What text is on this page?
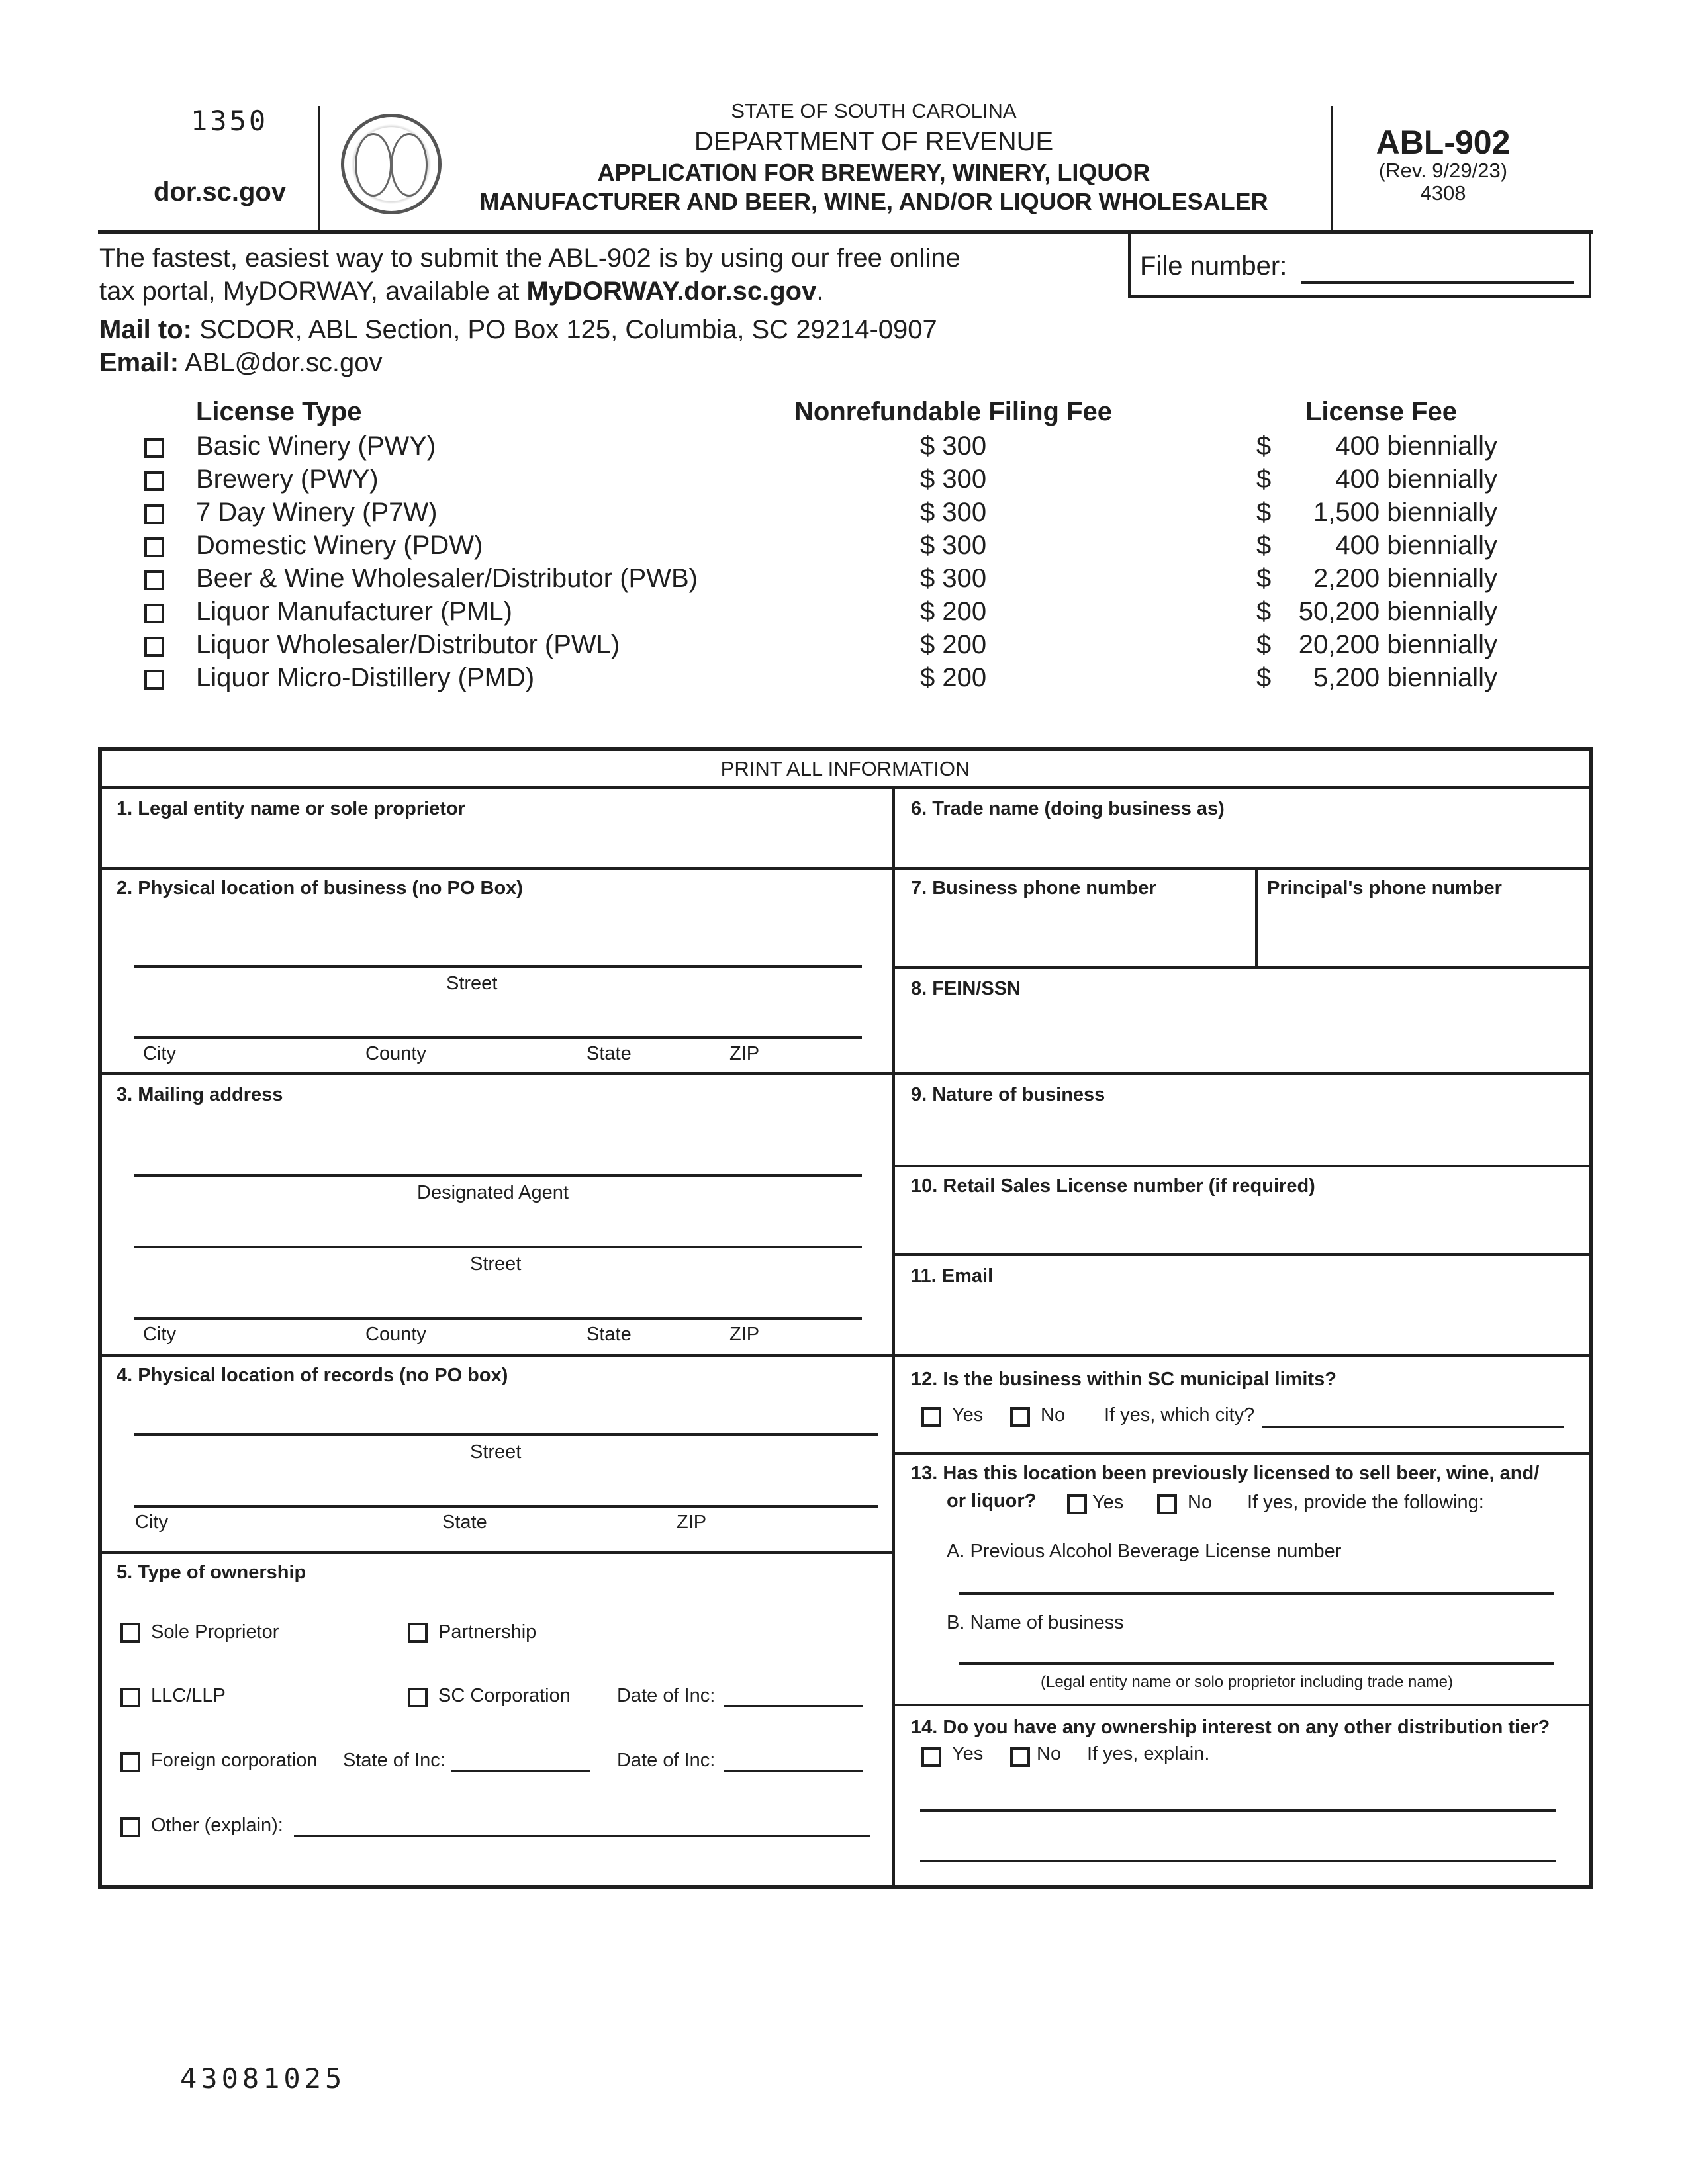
1350
dor.sc.gov
STATE OF SOUTH CAROLINA
DEPARTMENT OF REVENUE
APPLICATION FOR BREWERY, WINERY, LIQUOR
MANUFACTURER AND BEER, WINE, AND/OR LIQUOR WHOLESALER
ABL-902
(Rev. 9/29/23)
4308
File number:
The fastest, easiest way to submit the ABL-902 is by using our free online
tax portal, MyDORWAY, available at MyDORWAY.dor.sc.gov.
Mail to: SCDOR, ABL Section, PO Box 125, Columbia, SC 29214-0907
Email: ABL@dor.sc.gov
License Type	Nonrefundable Filing Fee	License Fee
Basic Winery (PWY)	$ 300	$	400 biennially
Brewery (PWY)	$ 300	$	400 biennially
7 Day Winery (P7W)	$ 300	$	1,500 biennially
Domestic Winery (PDW)	$ 300	$	400 biennially
Beer & Wine Wholesaler/Distributor (PWB)	$ 300	$	2,200 biennially
Liquor Manufacturer (PML)	$ 200	$	50,200 biennially
Liquor Wholesaler/Distributor (PWL)	$ 200	$	20,200 biennially
Liquor Micro-Distillery (PMD)	$ 200	$	5,200 biennially
PRINT ALL INFORMATION
1. Legal entity name or sole proprietor
2. Physical location of business (no PO Box)
Street
City	County	State	ZIP
3. Mailing address
Designated Agent
Street
City	County	State	ZIP
4. Physical location of records (no PO box)
Street
City	State	ZIP
5. Type of ownership
Sole Proprietor	Partnership
LLC/LLP	SC Corporation Date of Inc:
Foreign corporation State of Inc:	Date of Inc:
Other (explain):
6. Trade name (doing business as)
7. Business phone number	Principal's phone number
8. FEIN/SSN
9. Nature of business
10. Retail Sales License number (if required)
11. Email
12. Is the business within SC municipal limits?
Yes	No If yes, which city?
13. Has this location been previously licensed to sell beer, wine, and/
or liquor?	Yes	No If yes, provide the following:
A. Previous Alcohol Beverage License number
B. Name of business
(Legal entity name or solo proprietor including trade name)
14. Do you have any ownership interest on any other distribution tier?
Yes	No If yes, explain.
43081025
